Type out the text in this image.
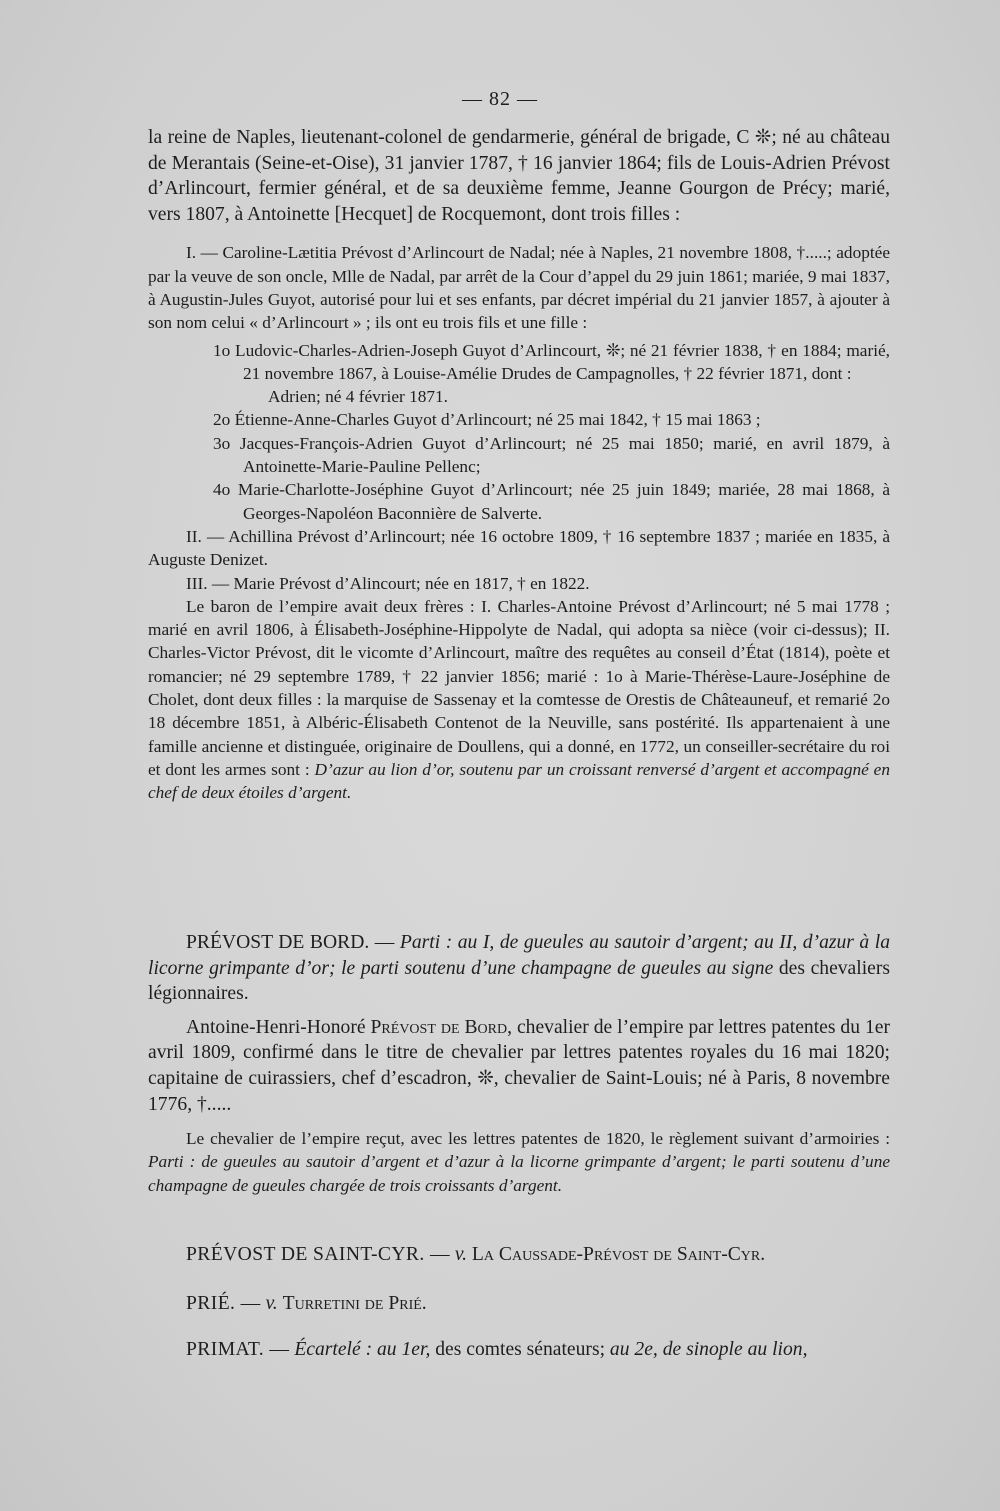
— 82 —

la reine de Naples, lieutenant-colonel de gendarmerie, général de brigade, C ❊; né au château de Merantais (Seine-et-Oise), 31 janvier 1787, † 16 janvier 1864; fils de Louis-Adrien Prévost d’Arlincourt, fermier général, et de sa deuxième femme, Jeanne Gourgon de Précy; marié, vers 1807, à Antoinette [Hecquet] de Rocquemont, dont trois filles :

I. — Caroline-Lætitia Prévost d’Arlincourt de Nadal; née à Naples, 21 novembre 1808, †.....; adoptée par la veuve de son oncle, Mlle de Nadal, par arrêt de la Cour d’appel du 29 juin 1861; mariée, 9 mai 1837, à Augustin-Jules Guyot, autorisé pour lui et ses enfants, par décret impérial du 21 janvier 1857, à ajouter à son nom celui « d’Arlincourt » ; ils ont eu trois fils et une fille :

1o Ludovic-Charles-Adrien-Joseph Guyot d’Arlincourt, ❊; né 21 février 1838, † en 1884; marié, 21 novembre 1867, à Louise-Amélie Drudes de Campagnolles, † 22 février 1871, dont :

Adrien; né 4 février 1871.

2o Étienne-Anne-Charles Guyot d’Arlincourt; né 25 mai 1842, † 15 mai 1863 ;

3o Jacques-François-Adrien Guyot d’Arlincourt; né 25 mai 1850; marié, en avril 1879, à Antoinette-Marie-Pauline Pellenc;

4o Marie-Charlotte-Joséphine Guyot d’Arlincourt; née 25 juin 1849; mariée, 28 mai 1868, à Georges-Napoléon Baconnière de Salverte.

II. — Achillina Prévost d’Arlincourt; née 16 octobre 1809, † 16 septembre 1837 ; mariée en 1835, à Auguste Denizet.

III. — Marie Prévost d’Alincourt; née en 1817, † en 1822.

Le baron de l’empire avait deux frères : I. Charles-Antoine Prévost d’Arlincourt; né 5 mai 1778 ; marié en avril 1806, à Élisabeth-Joséphine-Hippolyte de Nadal, qui adopta sa nièce (voir ci-dessus); II. Charles-Victor Prévost, dit le vicomte d’Arlincourt, maître des requêtes au conseil d’État (1814), poète et romancier; né 29 septembre 1789, † 22 janvier 1856; marié : 1o à Marie-Thérèse-Laure-Joséphine de Cholet, dont deux filles : la marquise de Sassenay et la comtesse de Orestis de Châteauneuf, et remarié 2o 18 décembre 1851, à Albéric-Élisabeth Contenot de la Neuville, sans postérité. Ils appartenaient à une famille ancienne et distinguée, originaire de Doullens, qui a donné, en 1772, un conseiller-secrétaire du roi et dont les armes sont : D’azur au lion d’or, soutenu par un croissant renversé d’argent et accompagné en chef de deux étoiles d’argent.

PRÉVOST DE BORD. — Parti : au I, de gueules au sautoir d’argent; au II, d’azur à la licorne grimpante d’or; le parti soutenu d’une champagne de gueules au signe des chevaliers légionnaires.

Antoine-Henri-Honoré Prévost de Bord, chevalier de l’empire par lettres patentes du 1er avril 1809, confirmé dans le titre de chevalier par lettres patentes royales du 16 mai 1820; capitaine de cuirassiers, chef d’escadron, ❊, chevalier de Saint-Louis; né à Paris, 8 novembre 1776, †.....

Le chevalier de l’empire reçut, avec les lettres patentes de 1820, le règlement suivant d’armoiries : Parti : de gueules au sautoir d’argent et d’azur à la licorne grimpante d’argent; le parti soutenu d’une champagne de gueules chargée de trois croissants d’argent.

PRÉVOST DE SAINT-CYR. — v. La Caussade-Prévost de Saint-Cyr.

PRIÉ. — v. Turretini de Prié.

PRIMAT. — Écartelé : au 1er, des comtes sénateurs; au 2e, de sinople au lion,
